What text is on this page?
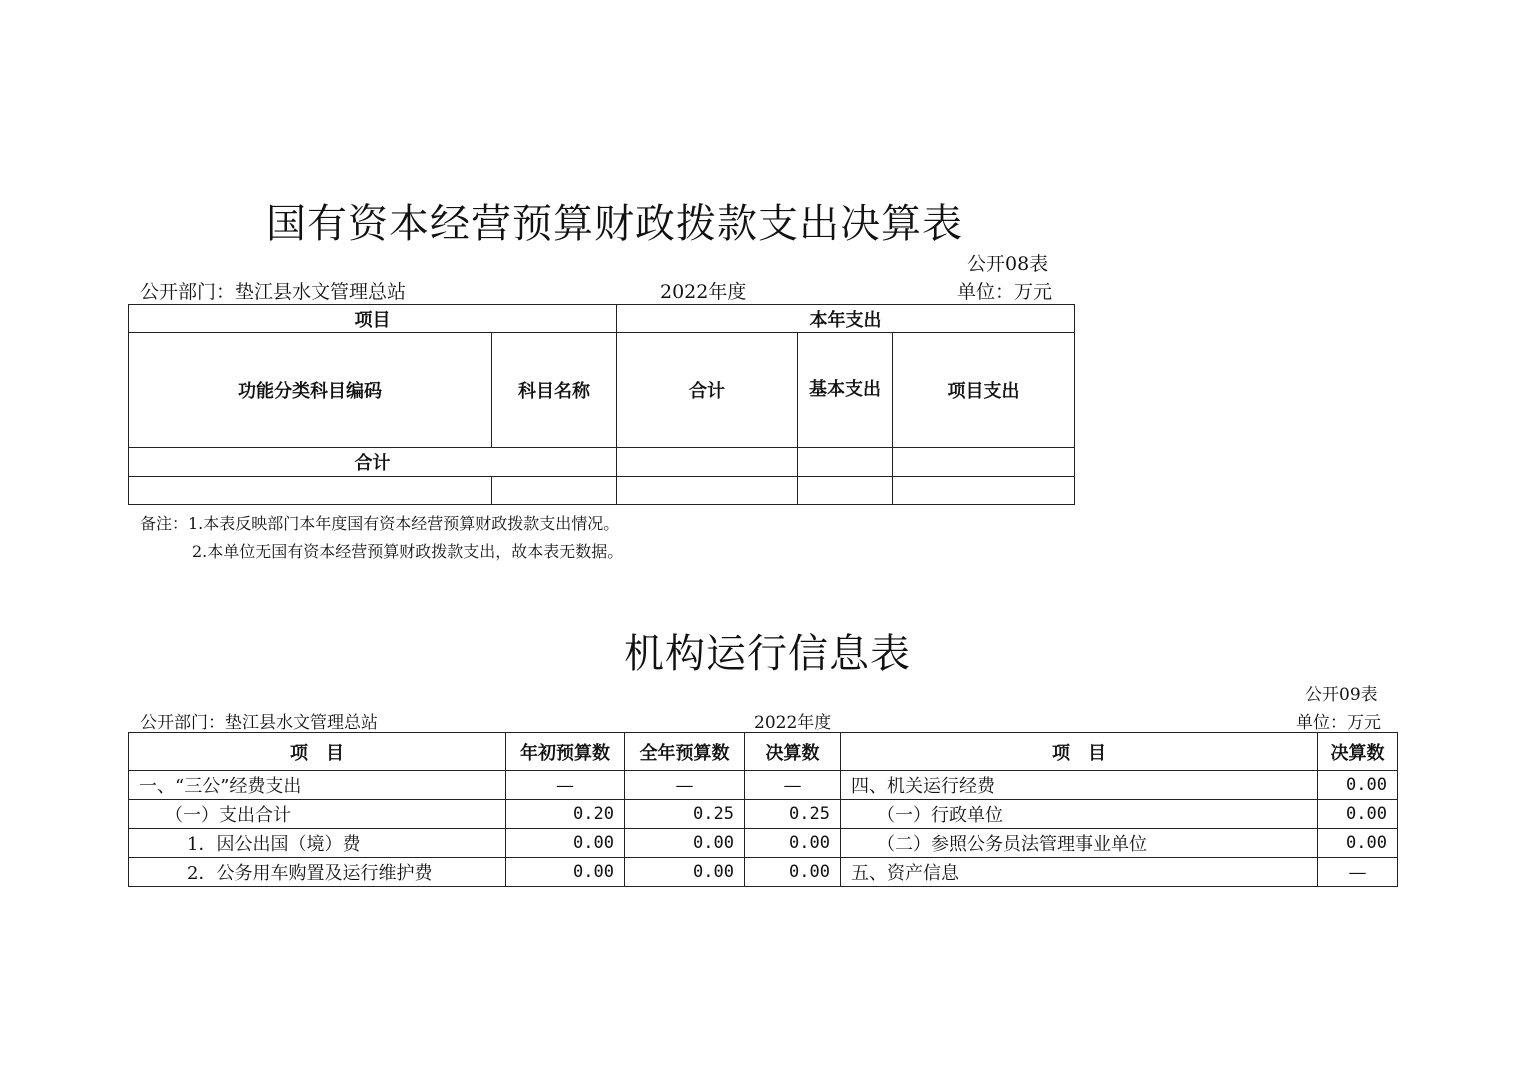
国有资本经营预算财政拨款支出决算表
公开08表
公开部门：垫江县水文管理总站	2022年度	单位：万元
项目		本年支出		
功能分类科目编码	科目名称	合计	基本支出	项目支出
合计				

备注：1.本表反映部门本年度国有资本经营预算财政拨款支出情况。
2.本单位无国有资本经营预算财政拨款支出，故本表无数据。
机构运行信息表
公开09表
公开部门：垫江县水文管理总站	2022年度	单位：万元
项　目	年初预算数	全年预算数	决算数	项　目	决算数
一、“三公”经费支出	—	—	—	四、机关运行经费	0.00
（一）支出合计	0.20	0.25	0.25	（一）行政单位	0.00
1．因公出国（境）费	0.00	0.00	0.00	（二）参照公务员法管理事业单位	0.00
2．公务用车购置及运行维护费	0.00	0.00	0.00	五、资产信息	—
